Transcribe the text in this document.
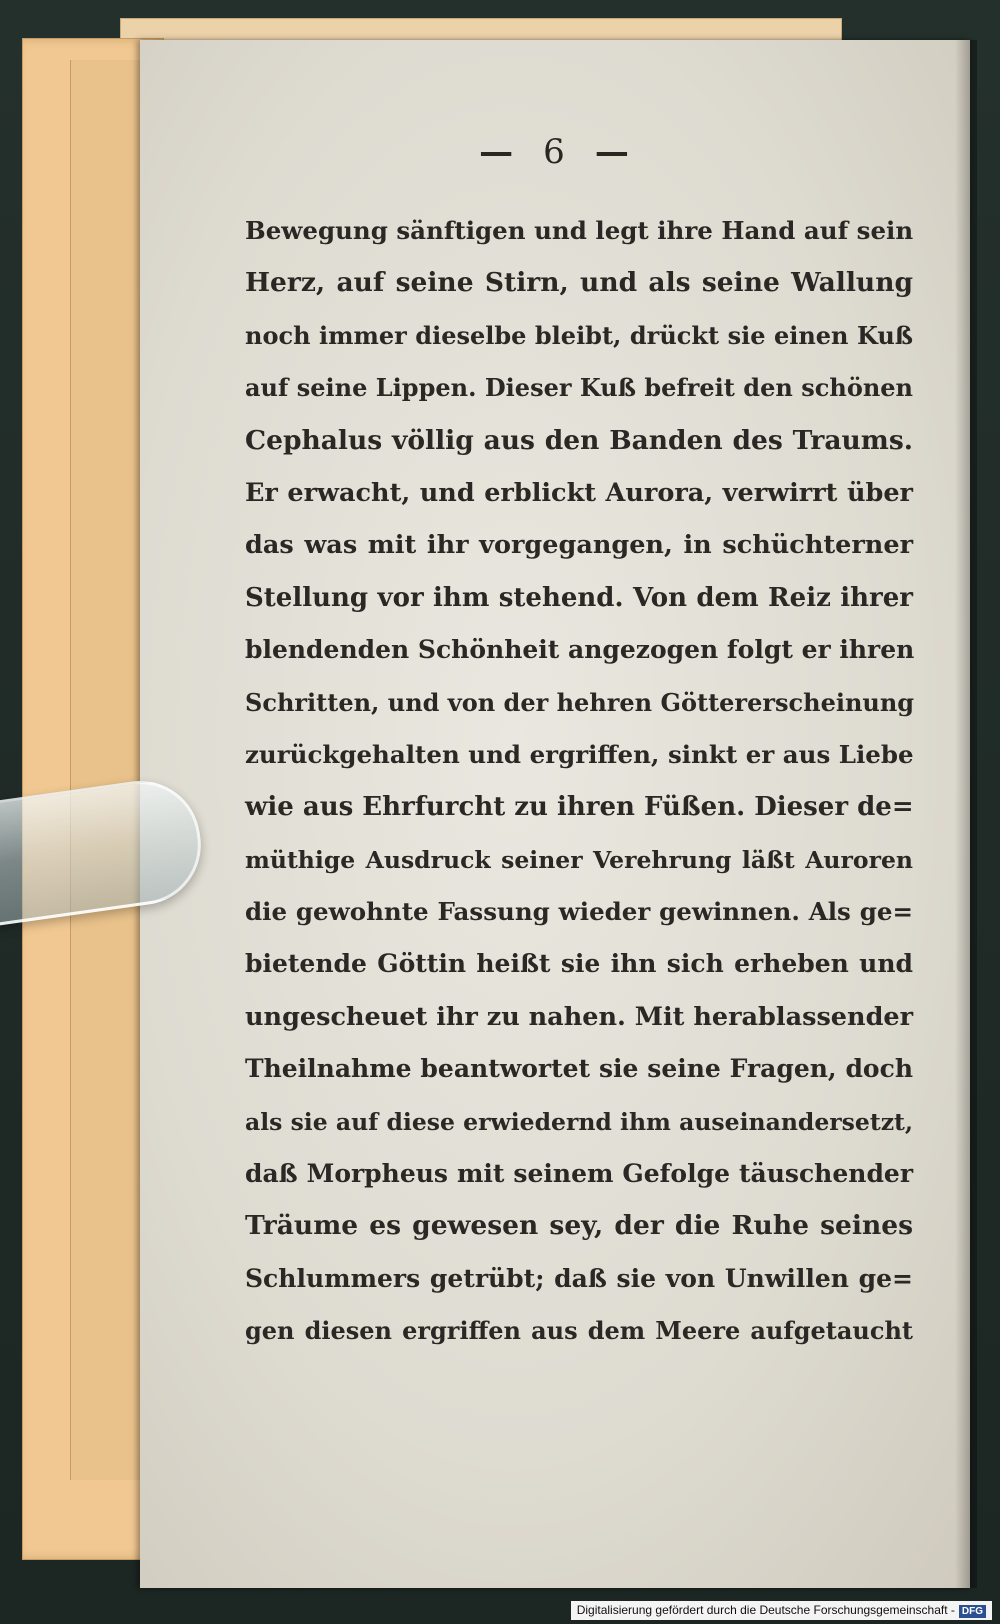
— 6 —
Bewegung sänftigen und legt ihre Hand auf sein
Herz, auf seine Stirn, und als seine Wallung
noch immer dieselbe bleibt, drückt sie einen Kuß
auf seine Lippen. Dieser Kuß befreit den schönen
Cephalus völlig aus den Banden des Traums.
Er erwacht, und erblickt Aurora, verwirrt über
das was mit ihr vorgegangen, in schüchterner
Stellung vor ihm stehend. Von dem Reiz ihrer
blendenden Schönheit angezogen folgt er ihren
Schritten, und von der hehren Göttererscheinung
zurückgehalten und ergriffen, sinkt er aus Liebe
wie aus Ehrfurcht zu ihren Füßen. Dieser de=
müthige Ausdruck seiner Verehrung läßt Auroren
die gewohnte Fassung wieder gewinnen. Als ge=
bietende Göttin heißt sie ihn sich erheben und
ungescheuet ihr zu nahen. Mit herablassender
Theilnahme beantwortet sie seine Fragen, doch
als sie auf diese erwiedernd ihm auseinandersetzt,
daß Morpheus mit seinem Gefolge täuschender
Träume es gewesen sey, der die Ruhe seines
Schlummers getrübt; daß sie von Unwillen ge=
gen diesen ergriffen aus dem Meere aufgetaucht
Digitalisierung gefördert durch die Deutsche Forschungsgemeinschaft - DFG
